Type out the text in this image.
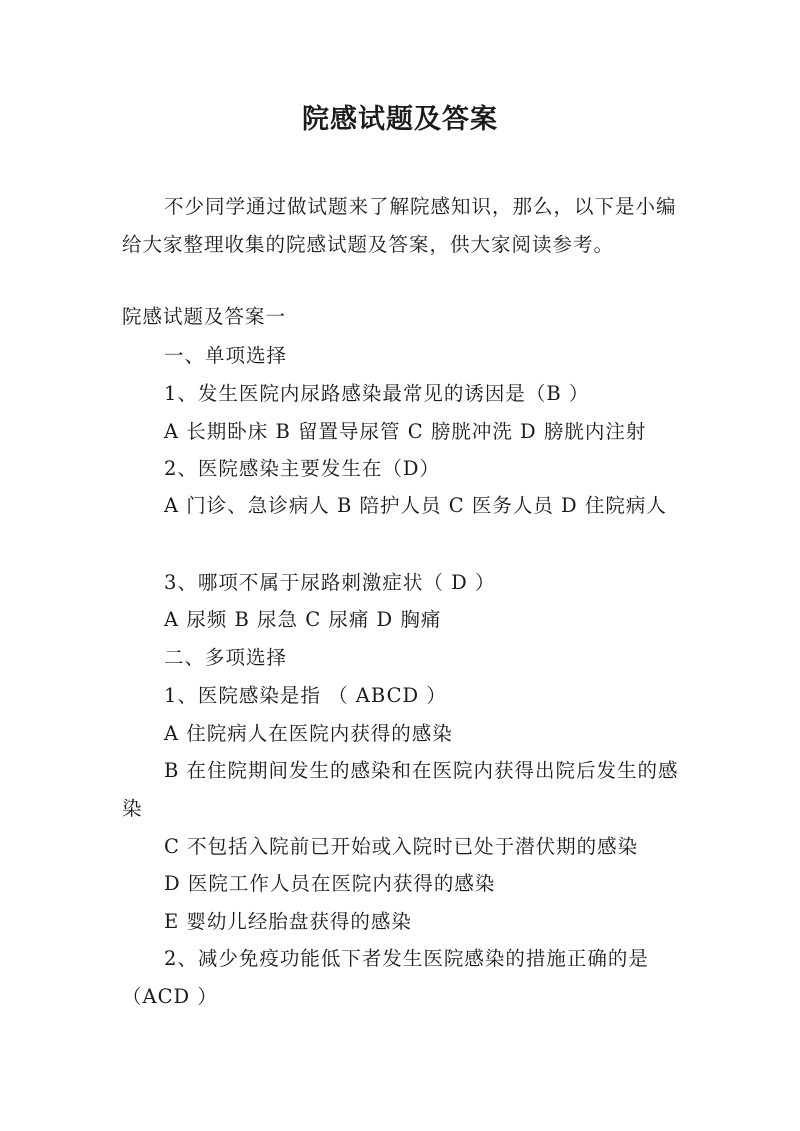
院感试题及答案
不少同学通过做试题来了解院感知识，那么，以下是小编给大家整理收集的院感试题及答案，供大家阅读参考。
院感试题及答案一
一、单项选择
1、发生医院内尿路感染最常见的诱因是（B ）
A 长期卧床 B 留置导尿管 C 膀胱冲洗 D 膀胱内注射
2、医院感染主要发生在（D）
A 门诊、急诊病人 B 陪护人员 C 医务人员 D 住院病人
3、哪项不属于尿路刺激症状（ D ）
A 尿频 B 尿急 C 尿痛 D 胸痛
二、多项选择
1、医院感染是指 （ ABCD ）
A 住院病人在医院内获得的感染
B 在住院期间发生的感染和在医院内获得出院后发生的感染
C 不包括入院前已开始或入院时已处于潜伏期的感染
D 医院工作人员在医院内获得的感染
E 婴幼儿经胎盘获得的感染
2、减少免疫功能低下者发生医院感染的措施正确的是（ACD ）
